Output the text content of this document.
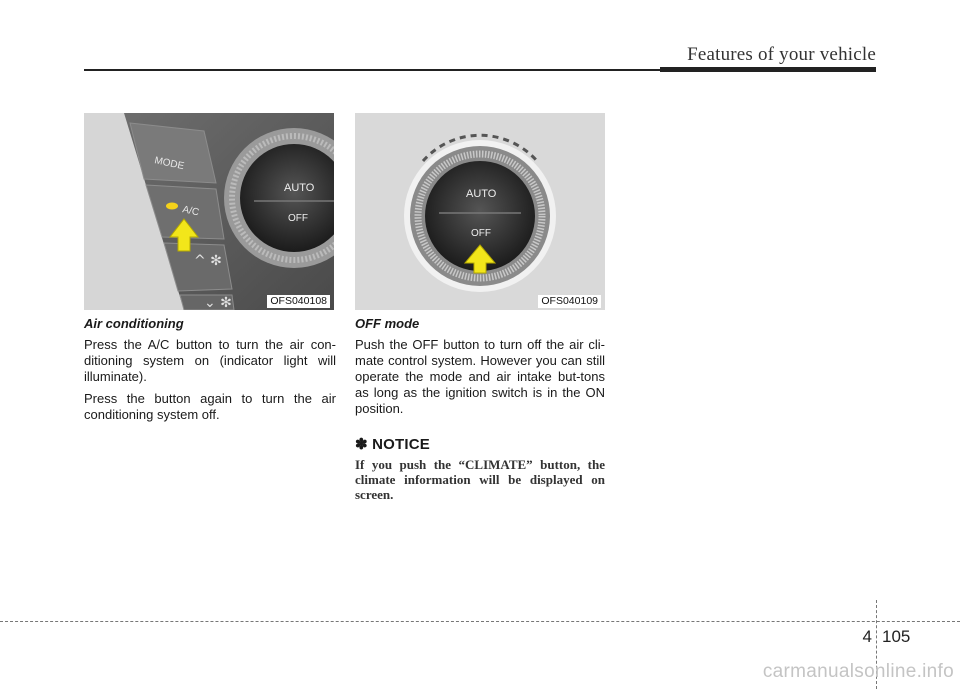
Features of your vehicle
MODE
A/C
^ ✻
⌄ ✻
AUTO
OFF
OFS040108
AUTO
OFF
OFS040109

Air conditioning

Press the A/C button to turn the air con-ditioning system on (indicator light will illuminate).

Press the button again to turn the air conditioning system off.

OFF mode

Push the OFF button to turn off the air cli-mate control system. However you can still operate the mode and air intake but-tons as long as the ignition switch is in the ON position.

✽ NOTICE

If you push the “CLIMATE” button, the climate information will be displayed on screen.

4 105
carmanualsonline.info
